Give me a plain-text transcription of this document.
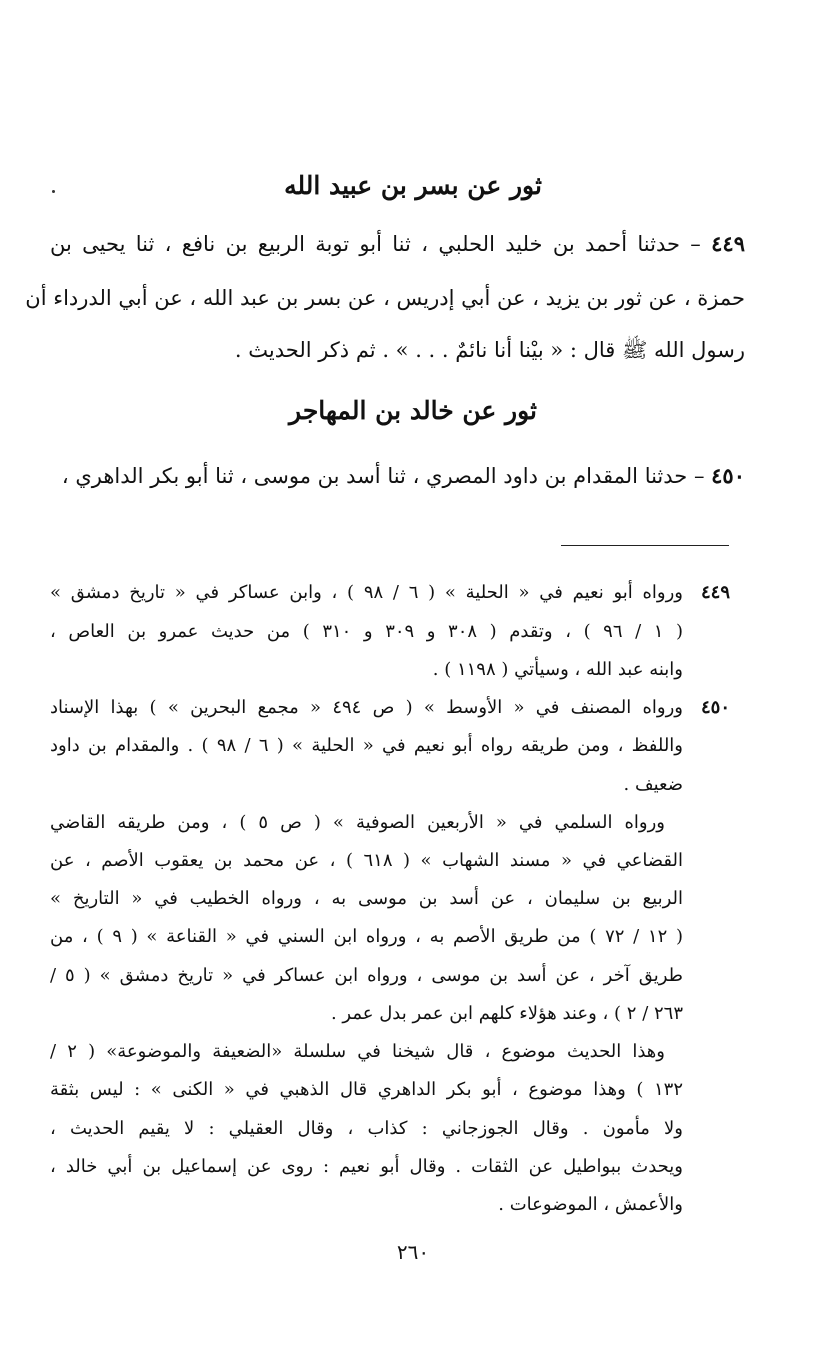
ثور عن بسر بن عبيد الله
٤٤٩ – حدثنا أحمد بن خليد الحلبي ، ثنا أبو توبة الربيع بن نافع ، ثنا يحيى بن
حمزة ، عن ثور بن يزيد ، عن أبي إدريس ، عن بسر بن عبد الله ، عن أبي الدرداء أن
رسول الله ﷺ قال : « بيْنا أنا نائمٌ . . . » . ثم ذكر الحديث .
ثور عن خالد بن المهاجر
٤٥٠ – حدثنا المقدام بن داود المصري ، ثنا أسد بن موسى ، ثنا أبو بكر الداهري ،
٤٤٩
ورواه أبو نعيم في « الحلية » ( ٦ / ٩٨ ) ، وابن عساكر في « تاريخ دمشق »
( ١ / ٩٦ ) ، وتقدم ( ٣٠٨ و ٣٠٩ و ٣١٠ ) من حديث عمرو بن العاص ،
وابنه عبد الله ، وسيأتي ( ١١٩٨ ) .
٤٥٠
ورواه المصنف في « الأوسط » ( ص ٤٩٤ « مجمع البحرين » ) بهذا الإسناد
واللفظ ، ومن طريقه رواه أبو نعيم في « الحلية » ( ٦ / ٩٨ ) . والمقدام بن داود
ضعيف .
ورواه السلمي في « الأربعين الصوفية » ( ص ٥ ) ، ومن طريقه القاضي
القضاعي في « مسند الشهاب » ( ٦١٨ ) ، عن محمد بن يعقوب الأصم ، عن
الربيع بن سليمان ، عن أسد بن موسى به ، ورواه الخطيب في « التاريخ »
( ١٢ / ٧٢ ) من طريق الأصم به ، ورواه ابن السني في « القناعة » ( ٩ ) ، من
طريق آخر ، عن أسد بن موسى ، ورواه ابن عساكر في « تاريخ دمشق » ( ٥ /
٢٦٣ / ٢ ) ، وعند هؤلاء كلهم ابن عمر بدل عمر .
وهذا الحديث موضوع ، قال شيخنا في سلسلة «الضعيفة والموضوعة» ( ٢ /
١٣٢ ) وهذا موضوع ، أبو بكر الداهري قال الذهبي في « الكنى » : ليس بثقة
ولا مأمون . وقال الجوزجاني : كذاب ، وقال العقيلي : لا يقيم الحديث ،
ويحدث ببواطيل عن الثقات . وقال أبو نعيم : روى عن إسماعيل بن أبي خالد ،
والأعمش ، الموضوعات .
٢٦٠
